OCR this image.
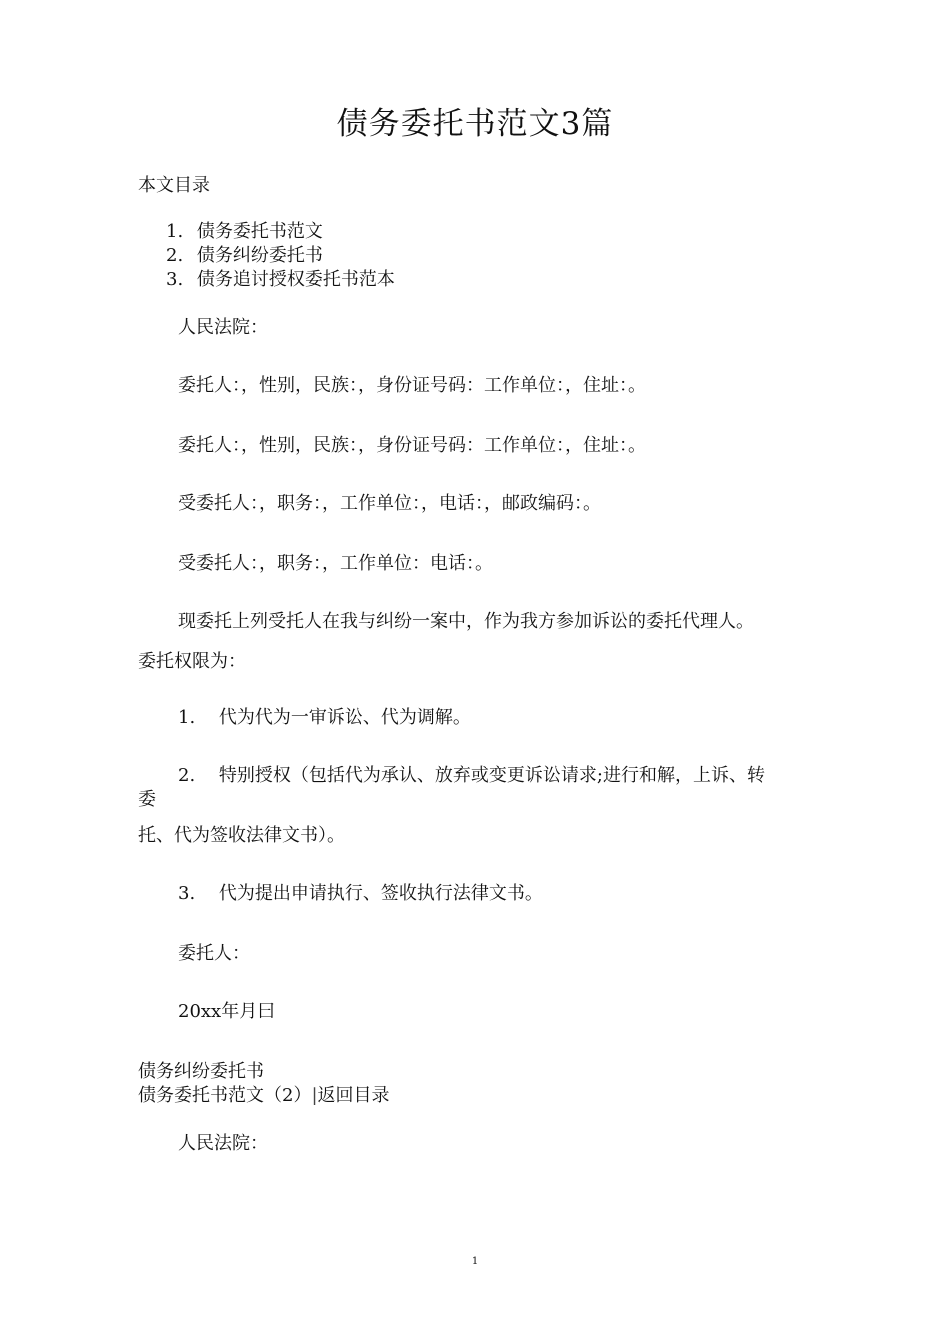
债务委托书范文3篇
本文目录
1. 债务委托书范文
2. 债务纠纷委托书
3. 债务追讨授权委托书范本
人民法院：
委托人：，性别，民族：，身份证号码：工作单位：，住址：。
委托人：，性别，民族：，身份证号码：工作单位：，住址：。
受委托人：，职务：，工作单位：，电话：，邮政编码：。
受委托人：，职务：，工作单位：电话：。
现委托上列受托人在我与纠纷一案中，作为我方参加诉讼的委托代理人。
委托权限为：
1. 代为代为一审诉讼、代为调解。
2. 特别授权（包括代为承认、放弃或变更诉讼请求;进行和解，上诉、转
委
托、代为签收法律文书）。
3. 代为提出申请执行、签收执行法律文书。
委托人：
20xx年月曰
债务纠纷委托书
债务委托书范文（2）|返回目录
人民法院：
1
